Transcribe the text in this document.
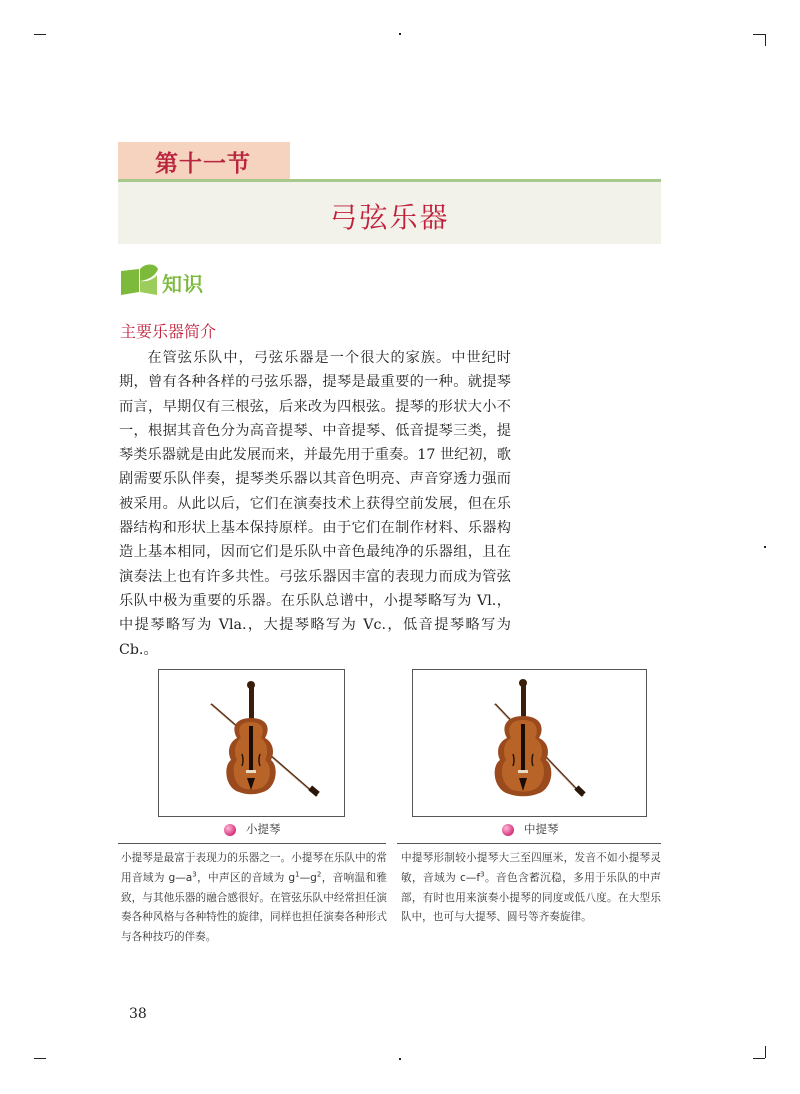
第十一节
弓弦乐器
知识
主要乐器简介

在管弦乐队中，弓弦乐器是一个很大的家族。中世纪时期，曾有各种各样的弓弦乐器，提琴是最重要的一种。就提琴而言，早期仅有三根弦，后来改为四根弦。提琴的形状大小不一，根据其音色分为高音提琴、中音提琴、低音提琴三类，提琴类乐器就是由此发展而来，并最先用于重奏。17 世纪初，歌剧需要乐队伴奏，提琴类乐器以其音色明亮、声音穿透力强而被采用。从此以后，它们在演奏技术上获得空前发展，但在乐器结构和形状上基本保持原样。由于它们在制作材料、乐器构造上基本相同，因而它们是乐队中音色最纯净的乐器组，且在演奏法上也有许多共性。弓弦乐器因丰富的表现力而成为管弦乐队中极为重要的乐器。在乐队总谱中，小提琴略写为 Vl.，中提琴略写为 Vla.，大提琴略写为 Vc.，低音提琴略写为 Cb.。

小提琴
小提琴是最富于表现力的乐器之一。小提琴在乐队中的常用音域为 $g—a^3$，中声区的音域为 $g^1—g^2$，音响温和雅致，与其他乐器的融合感很好。在管弦乐队中经常担任演奏各种风格与各种特性的旋律，同样也担任演奏各种形式与各种技巧的伴奏。
中提琴
中提琴形制较小提琴大三至四厘米，发音不如小提琴灵敏，音域为 $c—f^3$。音色含蓄沉稳，多用于乐队的中声部，有时也用来演奏小提琴的同度或低八度。在大型乐队中，也可与大提琴、圆号等齐奏旋律。
38
